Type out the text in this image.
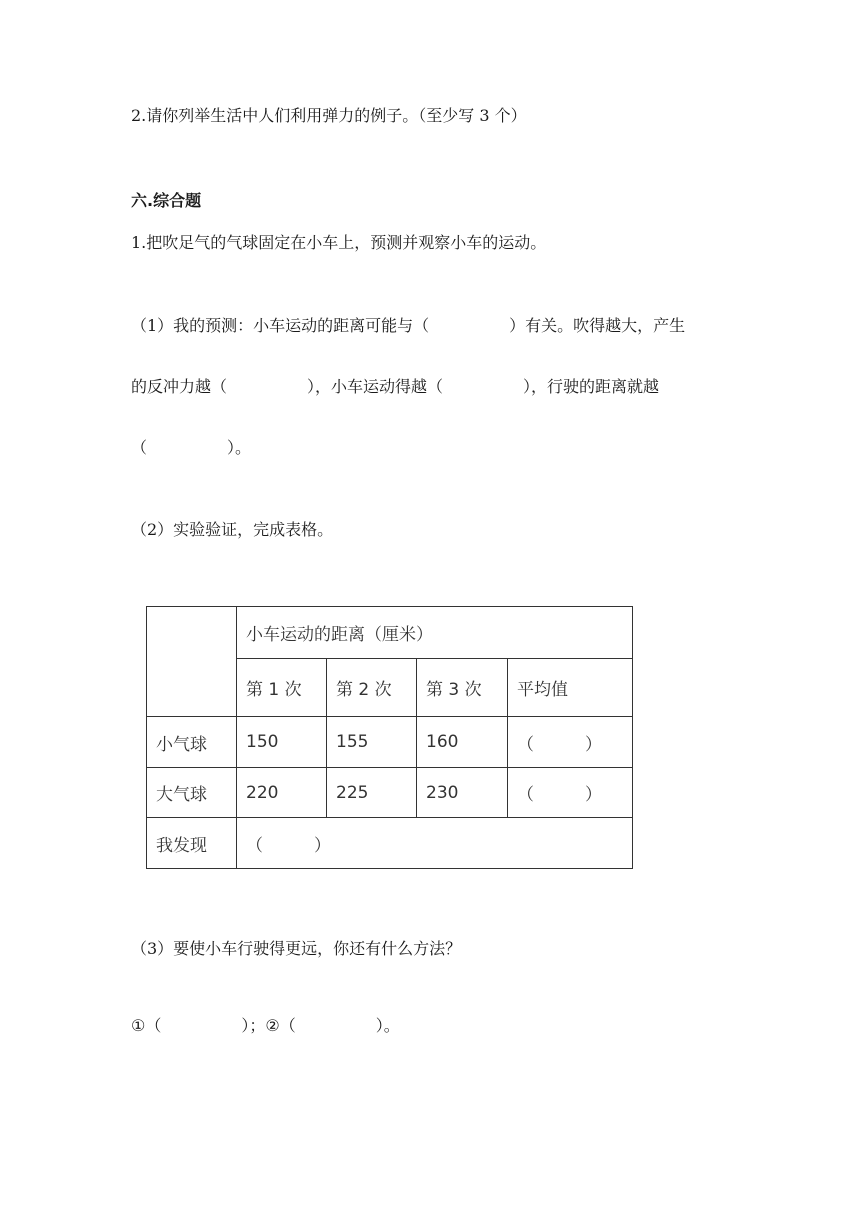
2.请你列举生活中人们利用弹力的例子。（至少写 3 个）
六.综合题
1.把吹足气的气球固定在小车上，预测并观察小车的运动。
（1）我的预测：小车运动的距离可能与（　　　　　）有关。吹得越大，产生
的反冲力越（　　　　　），小车运动得越（　　　　　），行驶的距离就越
（　　　　　）。
（2）实验验证，完成表格。
	小车运动的距离（厘米）			
	第 1 次	第 2 次	第 3 次	平均值
小气球	150	155	160	（　　　）
大气球	220	225	230	（　　　）
我发现	（　　　）			
（3）要使小车行驶得更远，你还有什么方法？
①（　　　　　）；②（　　　　　）。
